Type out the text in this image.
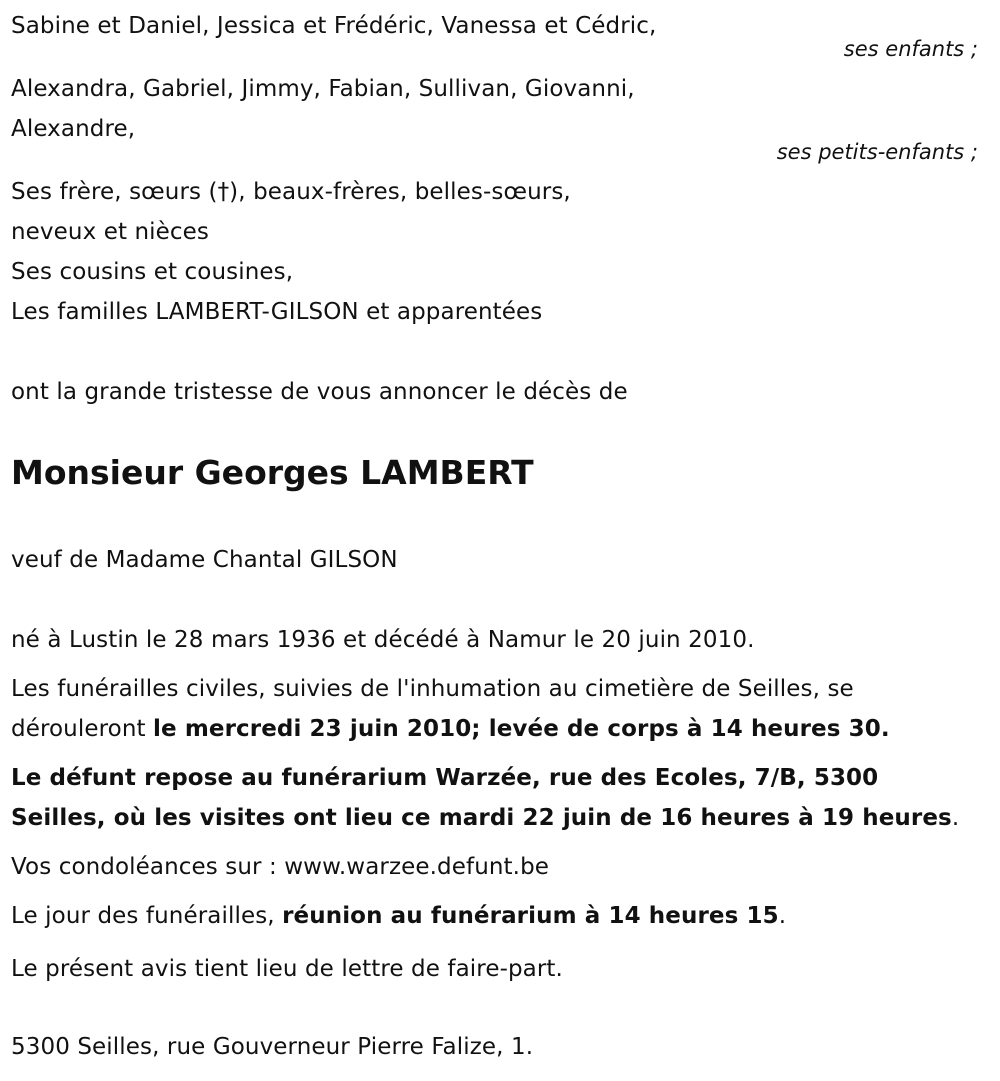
Sabine et Daniel, Jessica et Frédéric, Vanessa et Cédric,
ses enfants ;
Alexandra, Gabriel, Jimmy, Fabian, Sullivan, Giovanni,
Alexandre,
ses petits-enfants ;
Ses frère, sœurs (†), beaux-frères, belles-sœurs,
neveux et nièces
Ses cousins et cousines,
Les familles LAMBERT-GILSON et apparentées
ont la grande tristesse de vous annoncer le décès de
Monsieur Georges LAMBERT
veuf de Madame Chantal GILSON
né à Lustin le 28 mars 1936 et décédé à Namur le 20 juin 2010.
Les funérailles civiles, suivies de l'inhumation au cimetière de Seilles, se
dérouleront le mercredi 23 juin 2010; levée de corps à 14 heures 30.
Le défunt repose au funérarium Warzée, rue des Ecoles, 7/B, 5300
Seilles, où les visites ont lieu ce mardi 22 juin de 16 heures à 19 heures.
Vos condoléances sur : www.warzee.defunt.be
Le jour des funérailles, réunion au funérarium à 14 heures 15.
Le présent avis tient lieu de lettre de faire-part.
5300 Seilles, rue Gouverneur Pierre Falize, 1.
